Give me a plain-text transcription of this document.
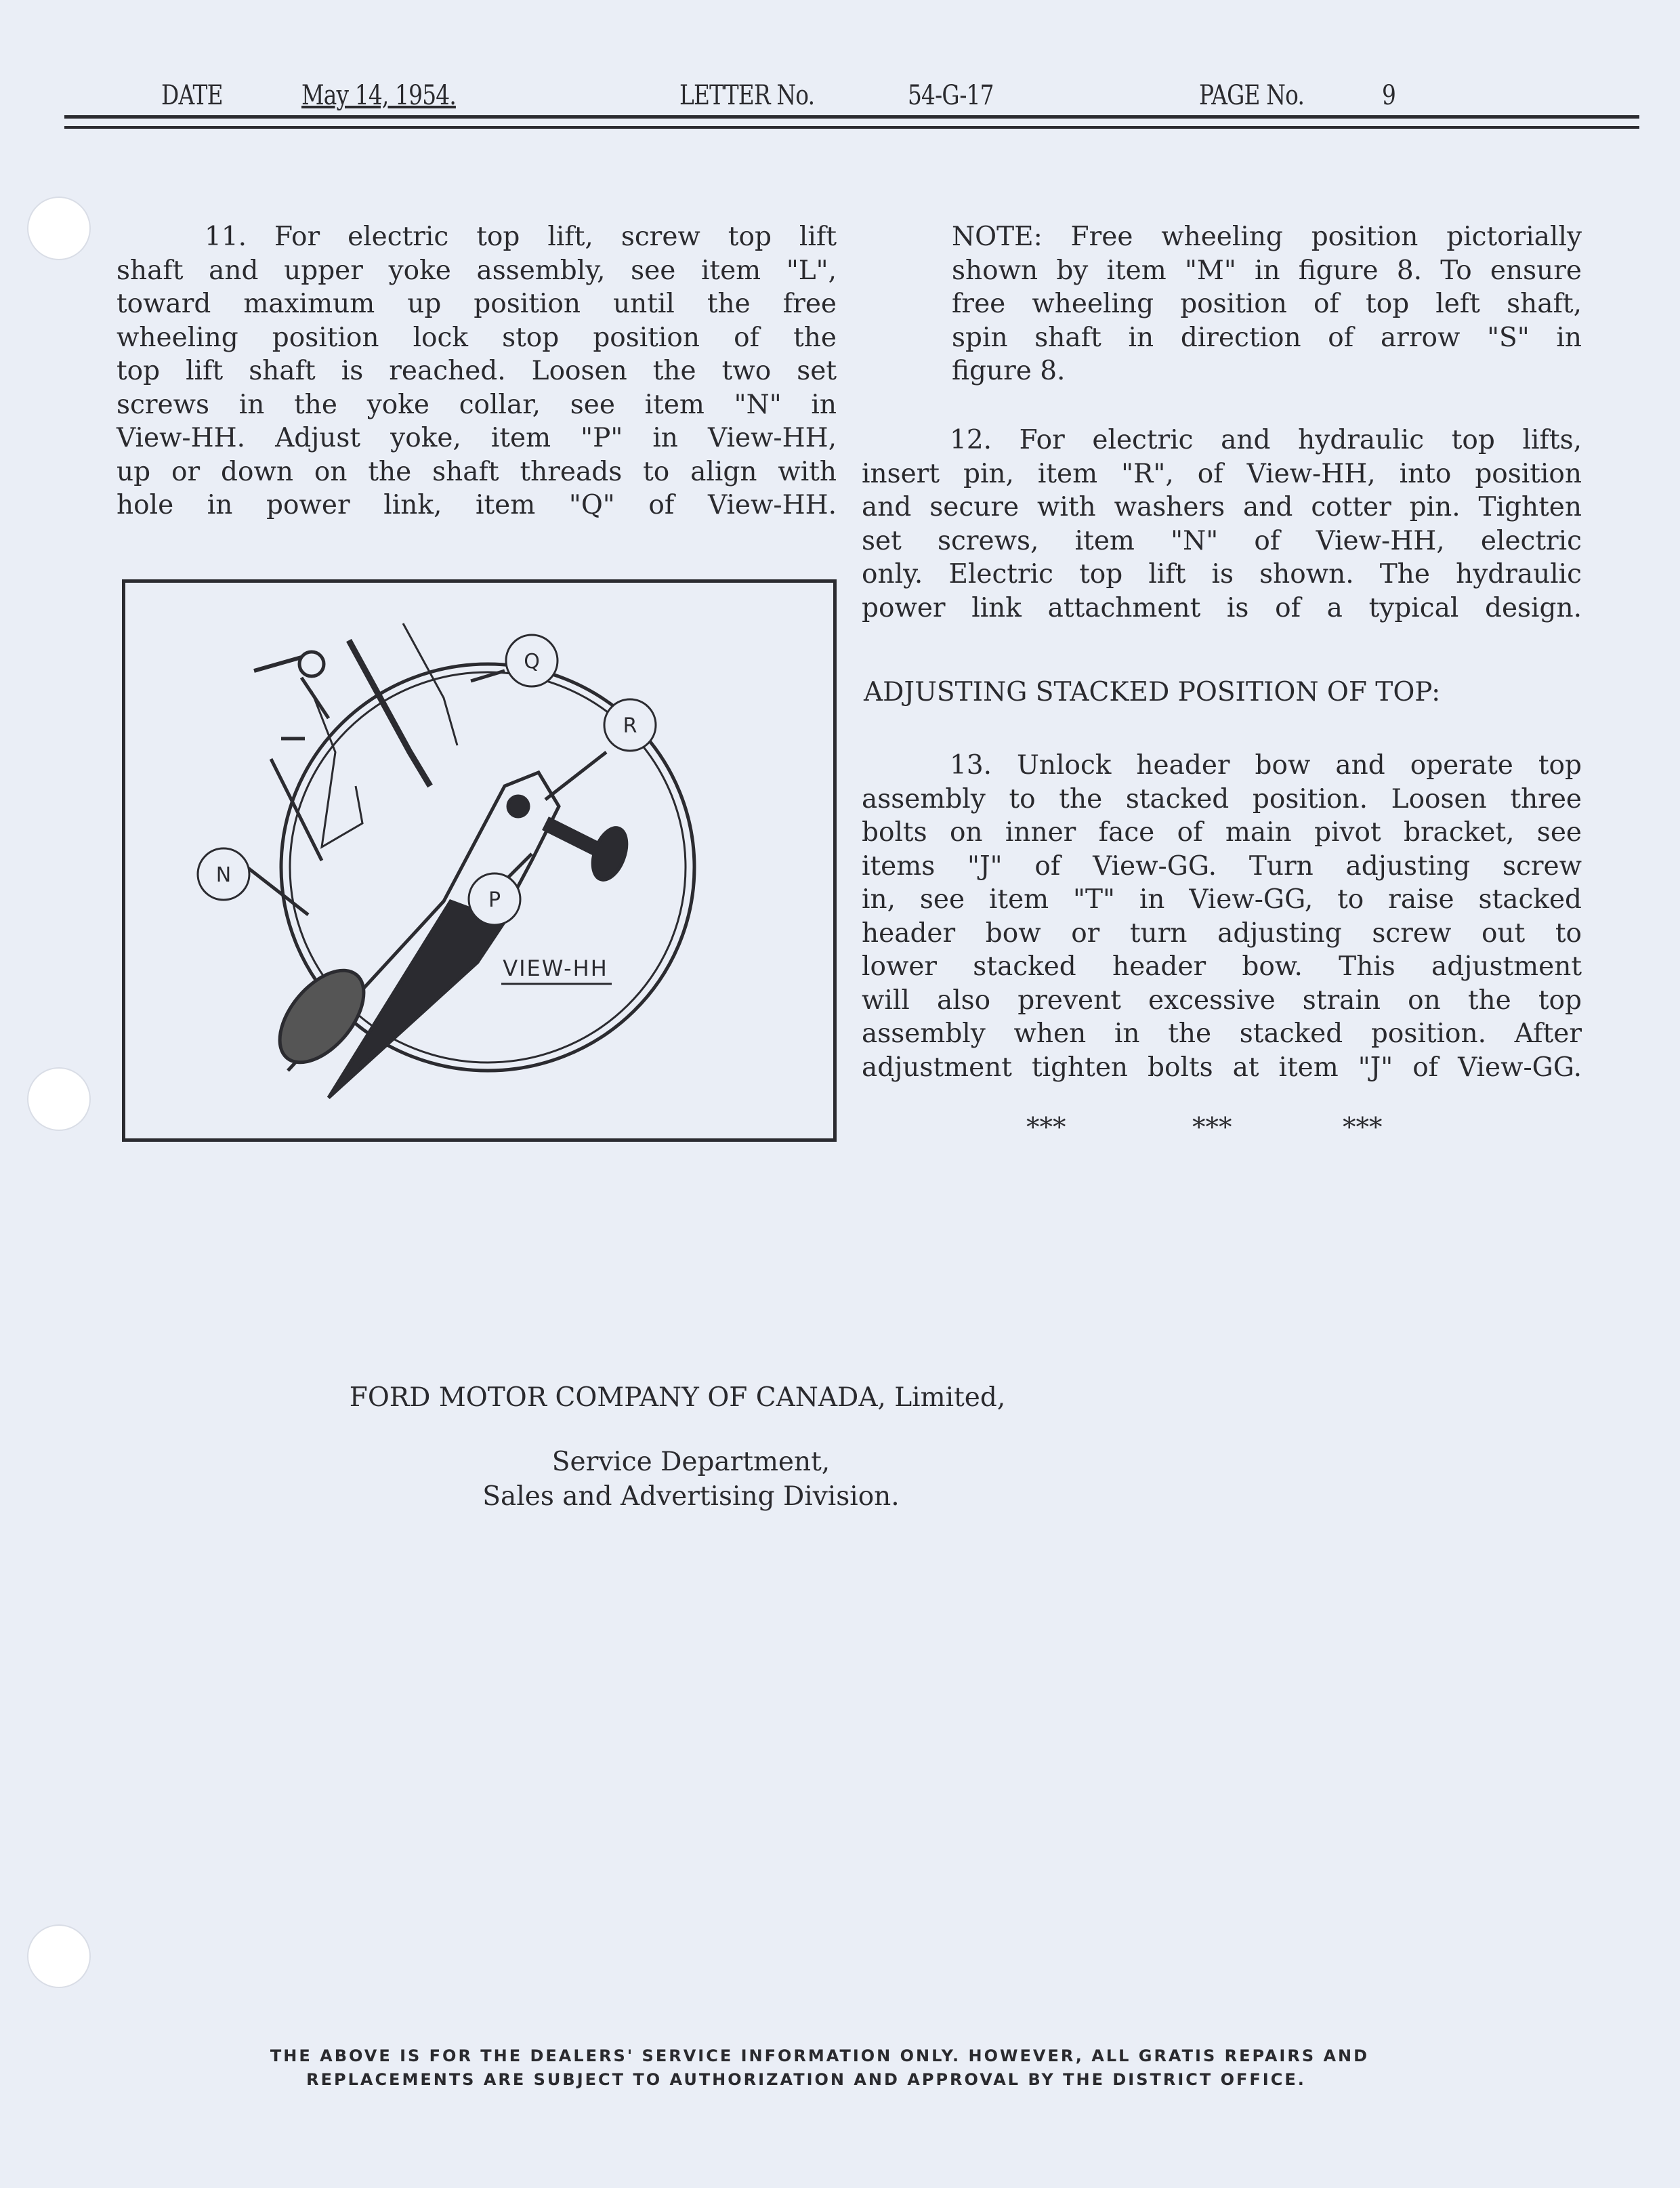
DATE	May 14, 1954.	LETTER No.	54-G-17	PAGE No.	9
11. For electric top lift, screw top lift
shaft and upper yoke assembly, see item "L",
toward maximum up position until the free
wheeling position lock stop position of the
top lift shaft is reached. Loosen the two set
screws in the yoke collar, see item "N" in
View-HH. Adjust yoke, item "P" in View-HH,
up or down on the shaft threads to align with
hole in power link, item "Q" of View-HH.
Q
R
N
P
VIEW-HH
NOTE: Free wheeling position pictorially
shown by item "M" in figure 8. To ensure
free wheeling position of top left shaft,
spin shaft in direction of arrow "S" in
figure 8.
12. For electric and hydraulic top lifts,
insert pin, item "R", of View-HH, into position
and secure with washers and cotter pin. Tighten
set screws, item "N" of View-HH, electric
only. Electric top lift is shown. The hydraulic
power link attachment is of a typical design.
ADJUSTING STACKED POSITION OF TOP:
13. Unlock header bow and operate top
assembly to the stacked position. Loosen three
bolts on inner face of main pivot bracket, see
items "J" of View-GG. Turn adjusting screw
in, see item "T" in View-GG, to raise stacked
header bow or turn adjusting screw out to
lower stacked header bow. This adjustment
will also prevent excessive strain on the top
assembly when in the stacked position. After
adjustment tighten bolts at item "J" of View-GG.
***	***	***
FORD MOTOR COMPANY OF CANADA, Limited,
Service Department,
Sales and Advertising Division.
THE ABOVE IS FOR THE DEALERS' SERVICE INFORMATION ONLY. HOWEVER, ALL GRATIS REPAIRS AND
REPLACEMENTS ARE SUBJECT TO AUTHORIZATION AND APPROVAL BY THE DISTRICT OFFICE.
